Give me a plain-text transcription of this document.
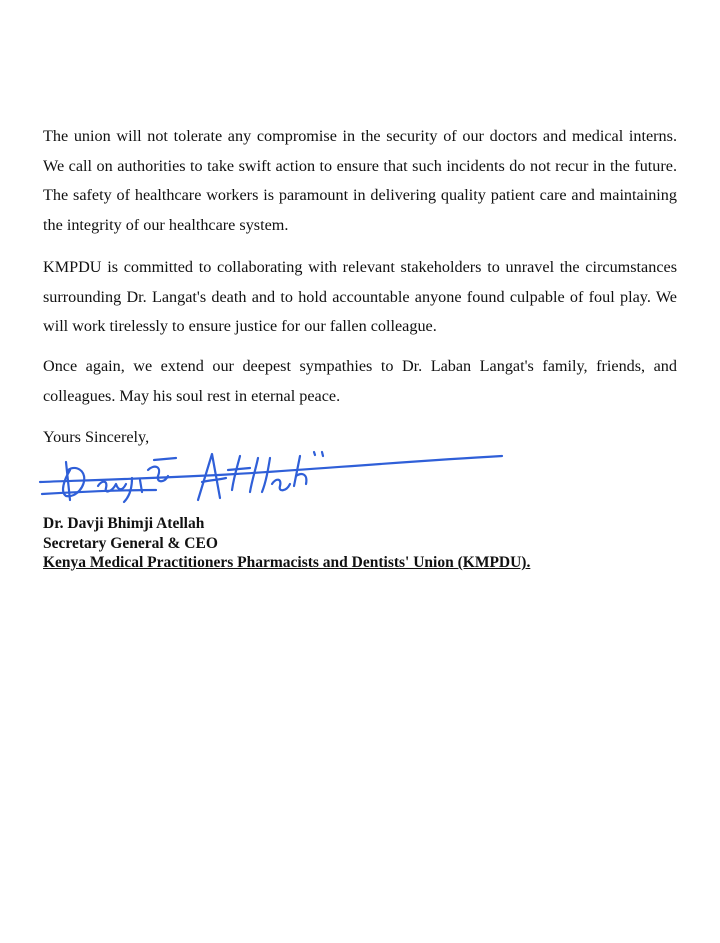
The union will not tolerate any compromise in the security of our doctors and medical interns. We call on authorities to take swift action to ensure that such incidents do not recur in the future. The safety of healthcare workers is paramount in delivering quality patient care and maintaining the integrity of our healthcare system.

KMPDU is committed to collaborating with relevant stakeholders to unravel the circumstances surrounding Dr. Langat's death and to hold accountable anyone found culpable of foul play. We will work tirelessly to ensure justice for our fallen colleague.

Once again, we extend our deepest sympathies to Dr. Laban Langat's family, friends, and colleagues. May his soul rest in eternal peace.

Yours Sincerely,

Dr. Davji Bhimji Atellah
Secretary General & CEO
Kenya Medical Practitioners Pharmacists and Dentists' Union (KMPDU).
